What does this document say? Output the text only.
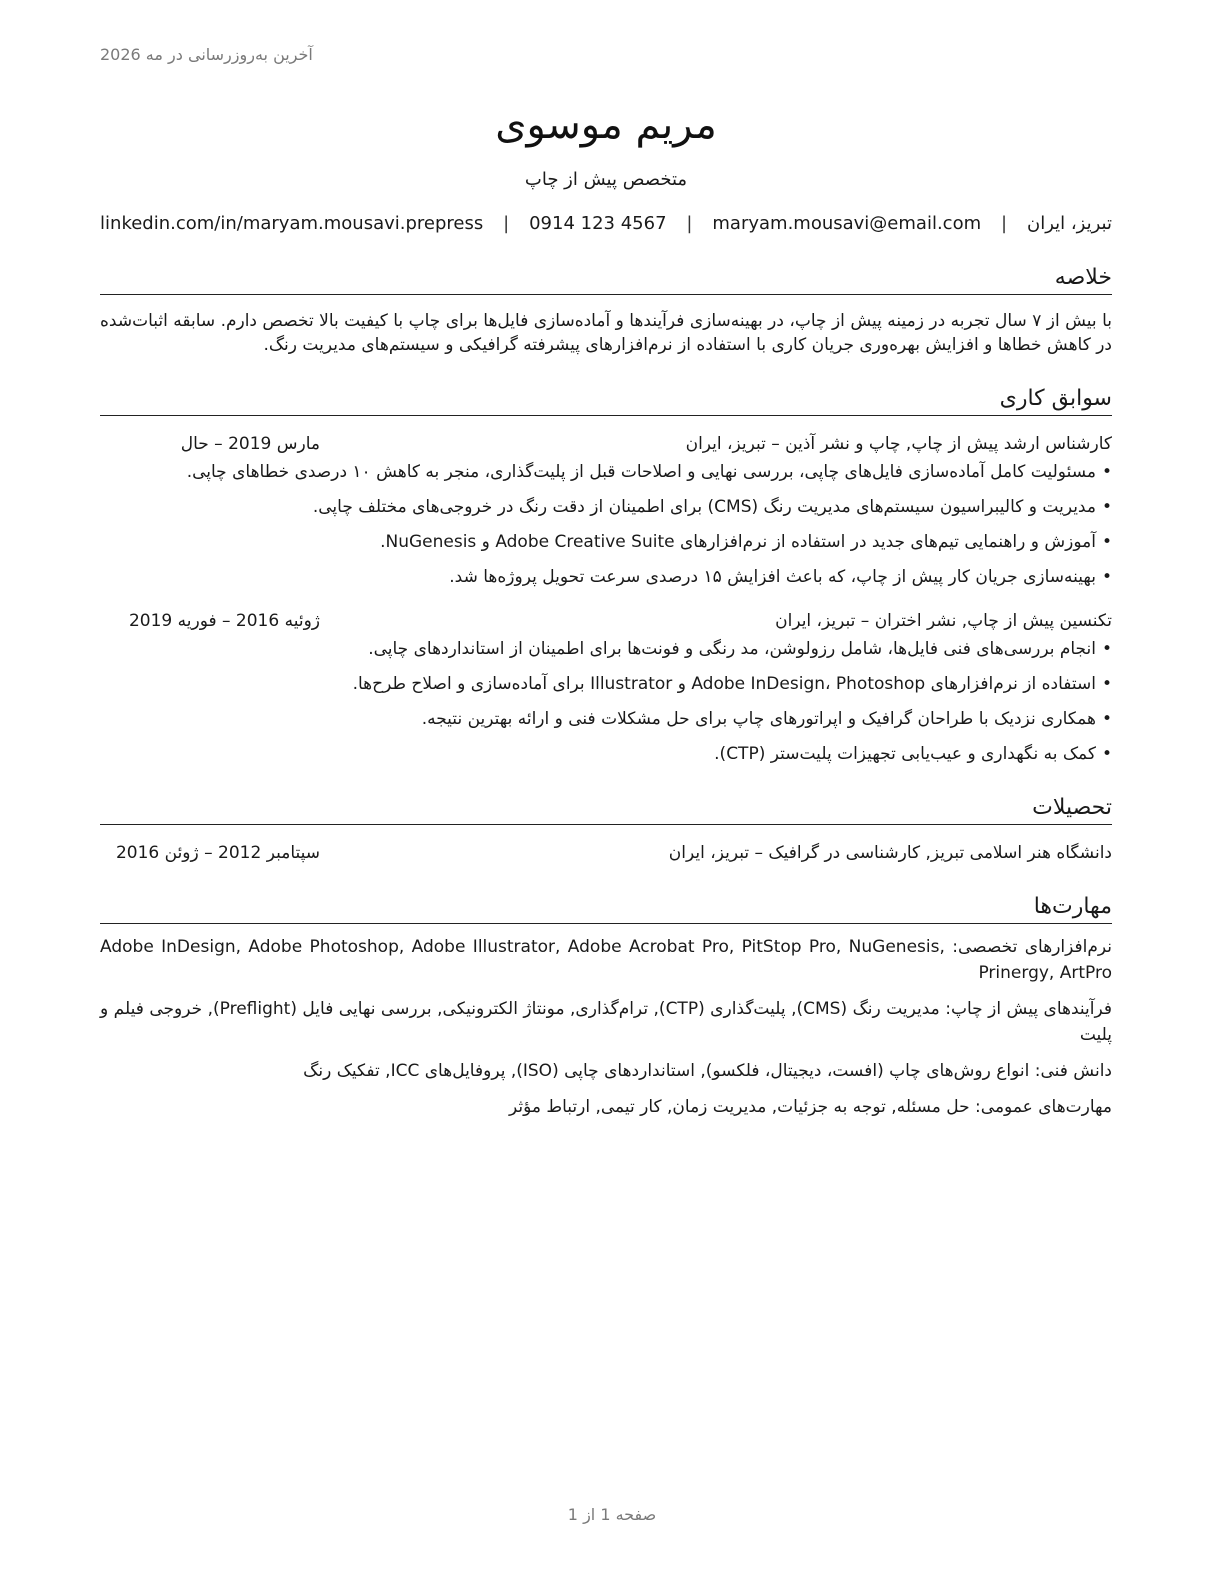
آخرین به‌روزرسانی در مه 2026
مریم موسوی
متخصص پیش از چاپ
تبریز، ایران
|
maryam.mousavi@email.com
|
0914 123 4567
|
linkedin.com/in/maryam.mousavi.prepress
خلاصه
با بیش از ۷ سال تجربه در زمینه پیش از چاپ، در بهینه‌سازی فرآیندها و آماده‌سازی فایل‌ها برای چاپ با کیفیت بالا تخصص دارم. سابقه اثبات‌شده در کاهش خطاها و افزایش بهره‌وری جریان کاری با استفاده از نرم‌افزارهای پیشرفته گرافیکی و سیستم‌های مدیریت رنگ.
سوابق کاری
کارشناس ارشد پیش از چاپ, چاپ و نشر آذین – تبریز، ایران
مارس 2019 – حال
• مسئولیت کامل آماده‌سازی فایل‌های چاپی، بررسی نهایی و اصلاحات قبل از پلیت‌گذاری، منجر به کاهش ۱۰ درصدی خطاهای چاپی.
• مدیریت و کالیبراسیون سیستم‌های مدیریت رنگ (CMS) برای اطمینان از دقت رنگ در خروجی‌های مختلف چاپی.
• آموزش و راهنمایی تیم‌های جدید در استفاده از نرم‌افزارهای Adobe Creative Suite و NuGenesis.
• بهینه‌سازی جریان کار پیش از چاپ، که باعث افزایش ۱۵ درصدی سرعت تحویل پروژه‌ها شد.
تکنسین پیش از چاپ, نشر اختران – تبریز، ایران
ژوئیه 2016 – فوریه 2019
• انجام بررسی‌های فنی فایل‌ها، شامل رزولوشن، مد رنگی و فونت‌ها برای اطمینان از استانداردهای چاپی.
• استفاده از نرم‌افزارهای Adobe InDesign، Photoshop و Illustrator برای آماده‌سازی و اصلاح طرح‌ها.
• همکاری نزدیک با طراحان گرافیک و اپراتورهای چاپ برای حل مشکلات فنی و ارائه بهترین نتیجه.
• کمک به نگهداری و عیب‌یابی تجهیزات پلیت‌ستر (CTP).
تحصیلات
دانشگاه هنر اسلامی تبریز, کارشناسی در گرافیک – تبریز، ایران
سپتامبر 2012 – ژوئن 2016
مهارت‌ها
نرم‌افزارهای تخصصی: Adobe InDesign, Adobe Photoshop, Adobe Illustrator, Adobe Acrobat Pro, PitStop Pro, NuGenesis, Prinergy, ArtPro
فرآیندهای پیش از چاپ: مدیریت رنگ (CMS), پلیت‌گذاری (CTP), ترام‌گذاری, مونتاژ الکترونیکی, بررسی نهایی فایل (Preflight), خروجی فیلم و پلیت
دانش فنی: انواع روش‌های چاپ (افست، دیجیتال، فلکسو), استانداردهای چاپی (ISO), پروفایل‌های ICC, تفکیک رنگ
مهارت‌های عمومی: حل مسئله, توجه به جزئیات, مدیریت زمان, کار تیمی, ارتباط مؤثر
صفحه 1 از 1
